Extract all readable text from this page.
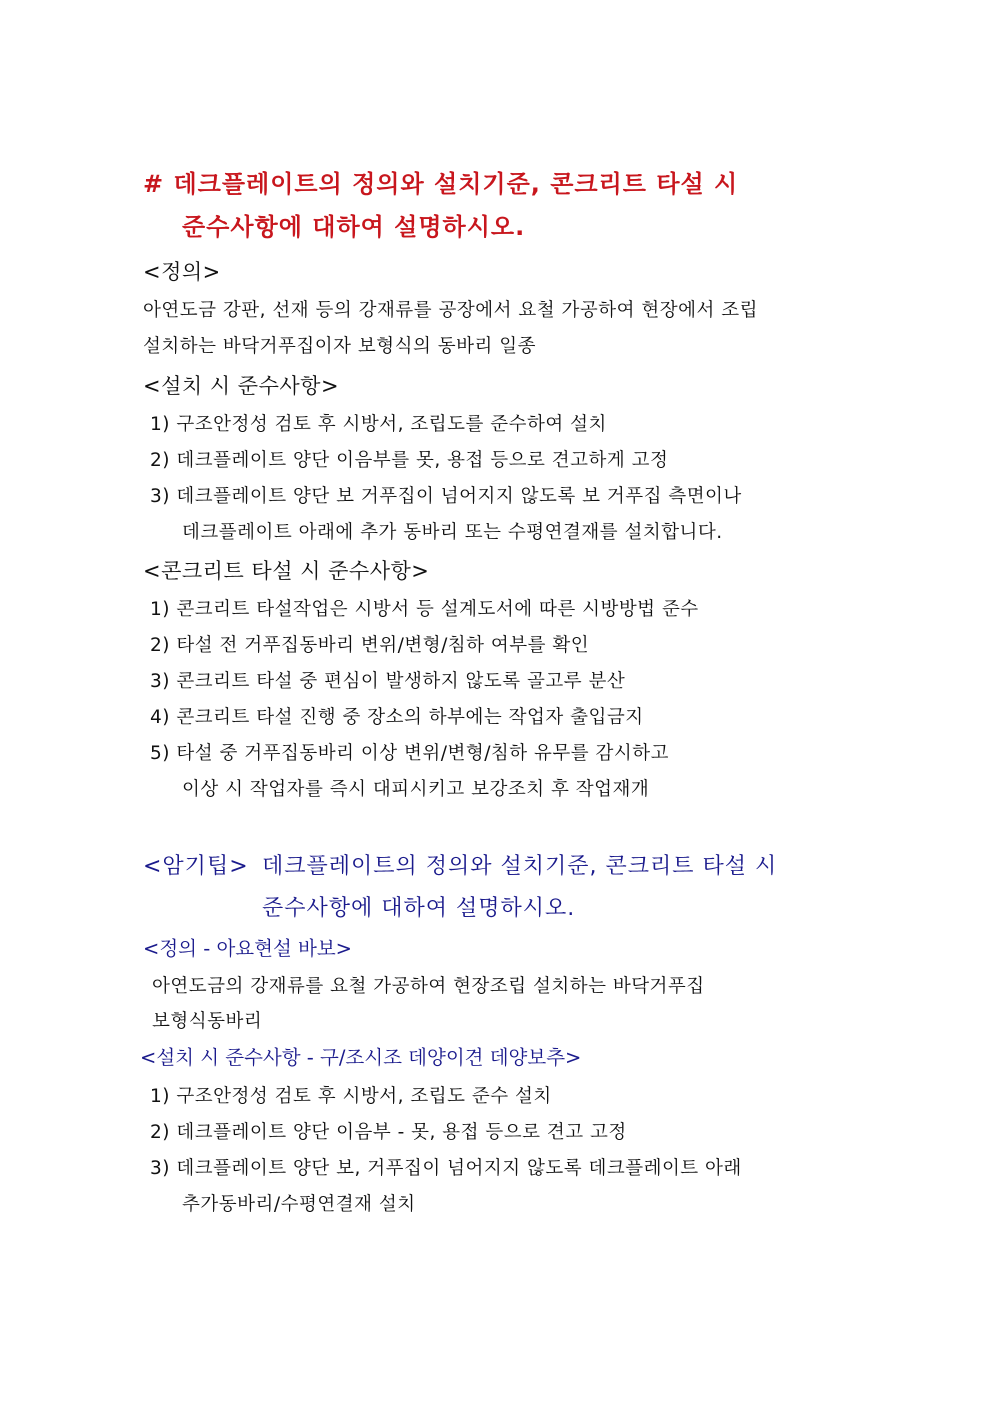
# 데크플레이트의 정의와 설치기준, 콘크리트 타설 시
준수사항에 대하여 설명하시오.
<정의>
아연도금 강판, 선재 등의 강재류를 공장에서 요철 가공하여 현장에서 조립
설치하는 바닥거푸집이자 보형식의 동바리 일종
<설치 시 준수사항>
1) 구조안정성 검토 후 시방서, 조립도를 준수하여 설치
2) 데크플레이트 양단 이음부를 못, 용접 등으로 견고하게 고정
3) 데크플레이트 양단 보 거푸집이 넘어지지 않도록 보 거푸집 측면이나
데크플레이트 아래에 추가 동바리 또는 수평연결재를 설치합니다.
<콘크리트 타설 시 준수사항>
1) 콘크리트 타설작업은 시방서 등 설계도서에 따른 시방방법 준수
2) 타설 전 거푸집동바리 변위/변형/침하 여부를 확인
3) 콘크리트 타설 중 편심이 발생하지 않도록 골고루 분산
4) 콘크리트 타설 진행 중 장소의 하부에는 작업자 출입금지
5) 타설 중 거푸집동바리 이상 변위/변형/침하 유무를 감시하고
이상 시 작업자를 즉시 대피시키고 보강조치 후 작업재개
<암기팁> 데크플레이트의 정의와 설치기준, 콘크리트 타설 시
준수사항에 대하여 설명하시오.
<정의 - 아요현설 바보>
아연도금의 강재류를 요철 가공하여 현장조립 설치하는 바닥거푸집
보형식동바리
<설치 시 준수사항 - 구/조시조 데양이견 데양보추>
1) 구조안정성 검토 후 시방서, 조립도 준수 설치
2) 데크플레이트 양단 이음부 - 못, 용접 등으로 견고 고정
3) 데크플레이트 양단 보, 거푸집이 넘어지지 않도록 데크플레이트 아래
추가동바리/수평연결재 설치
